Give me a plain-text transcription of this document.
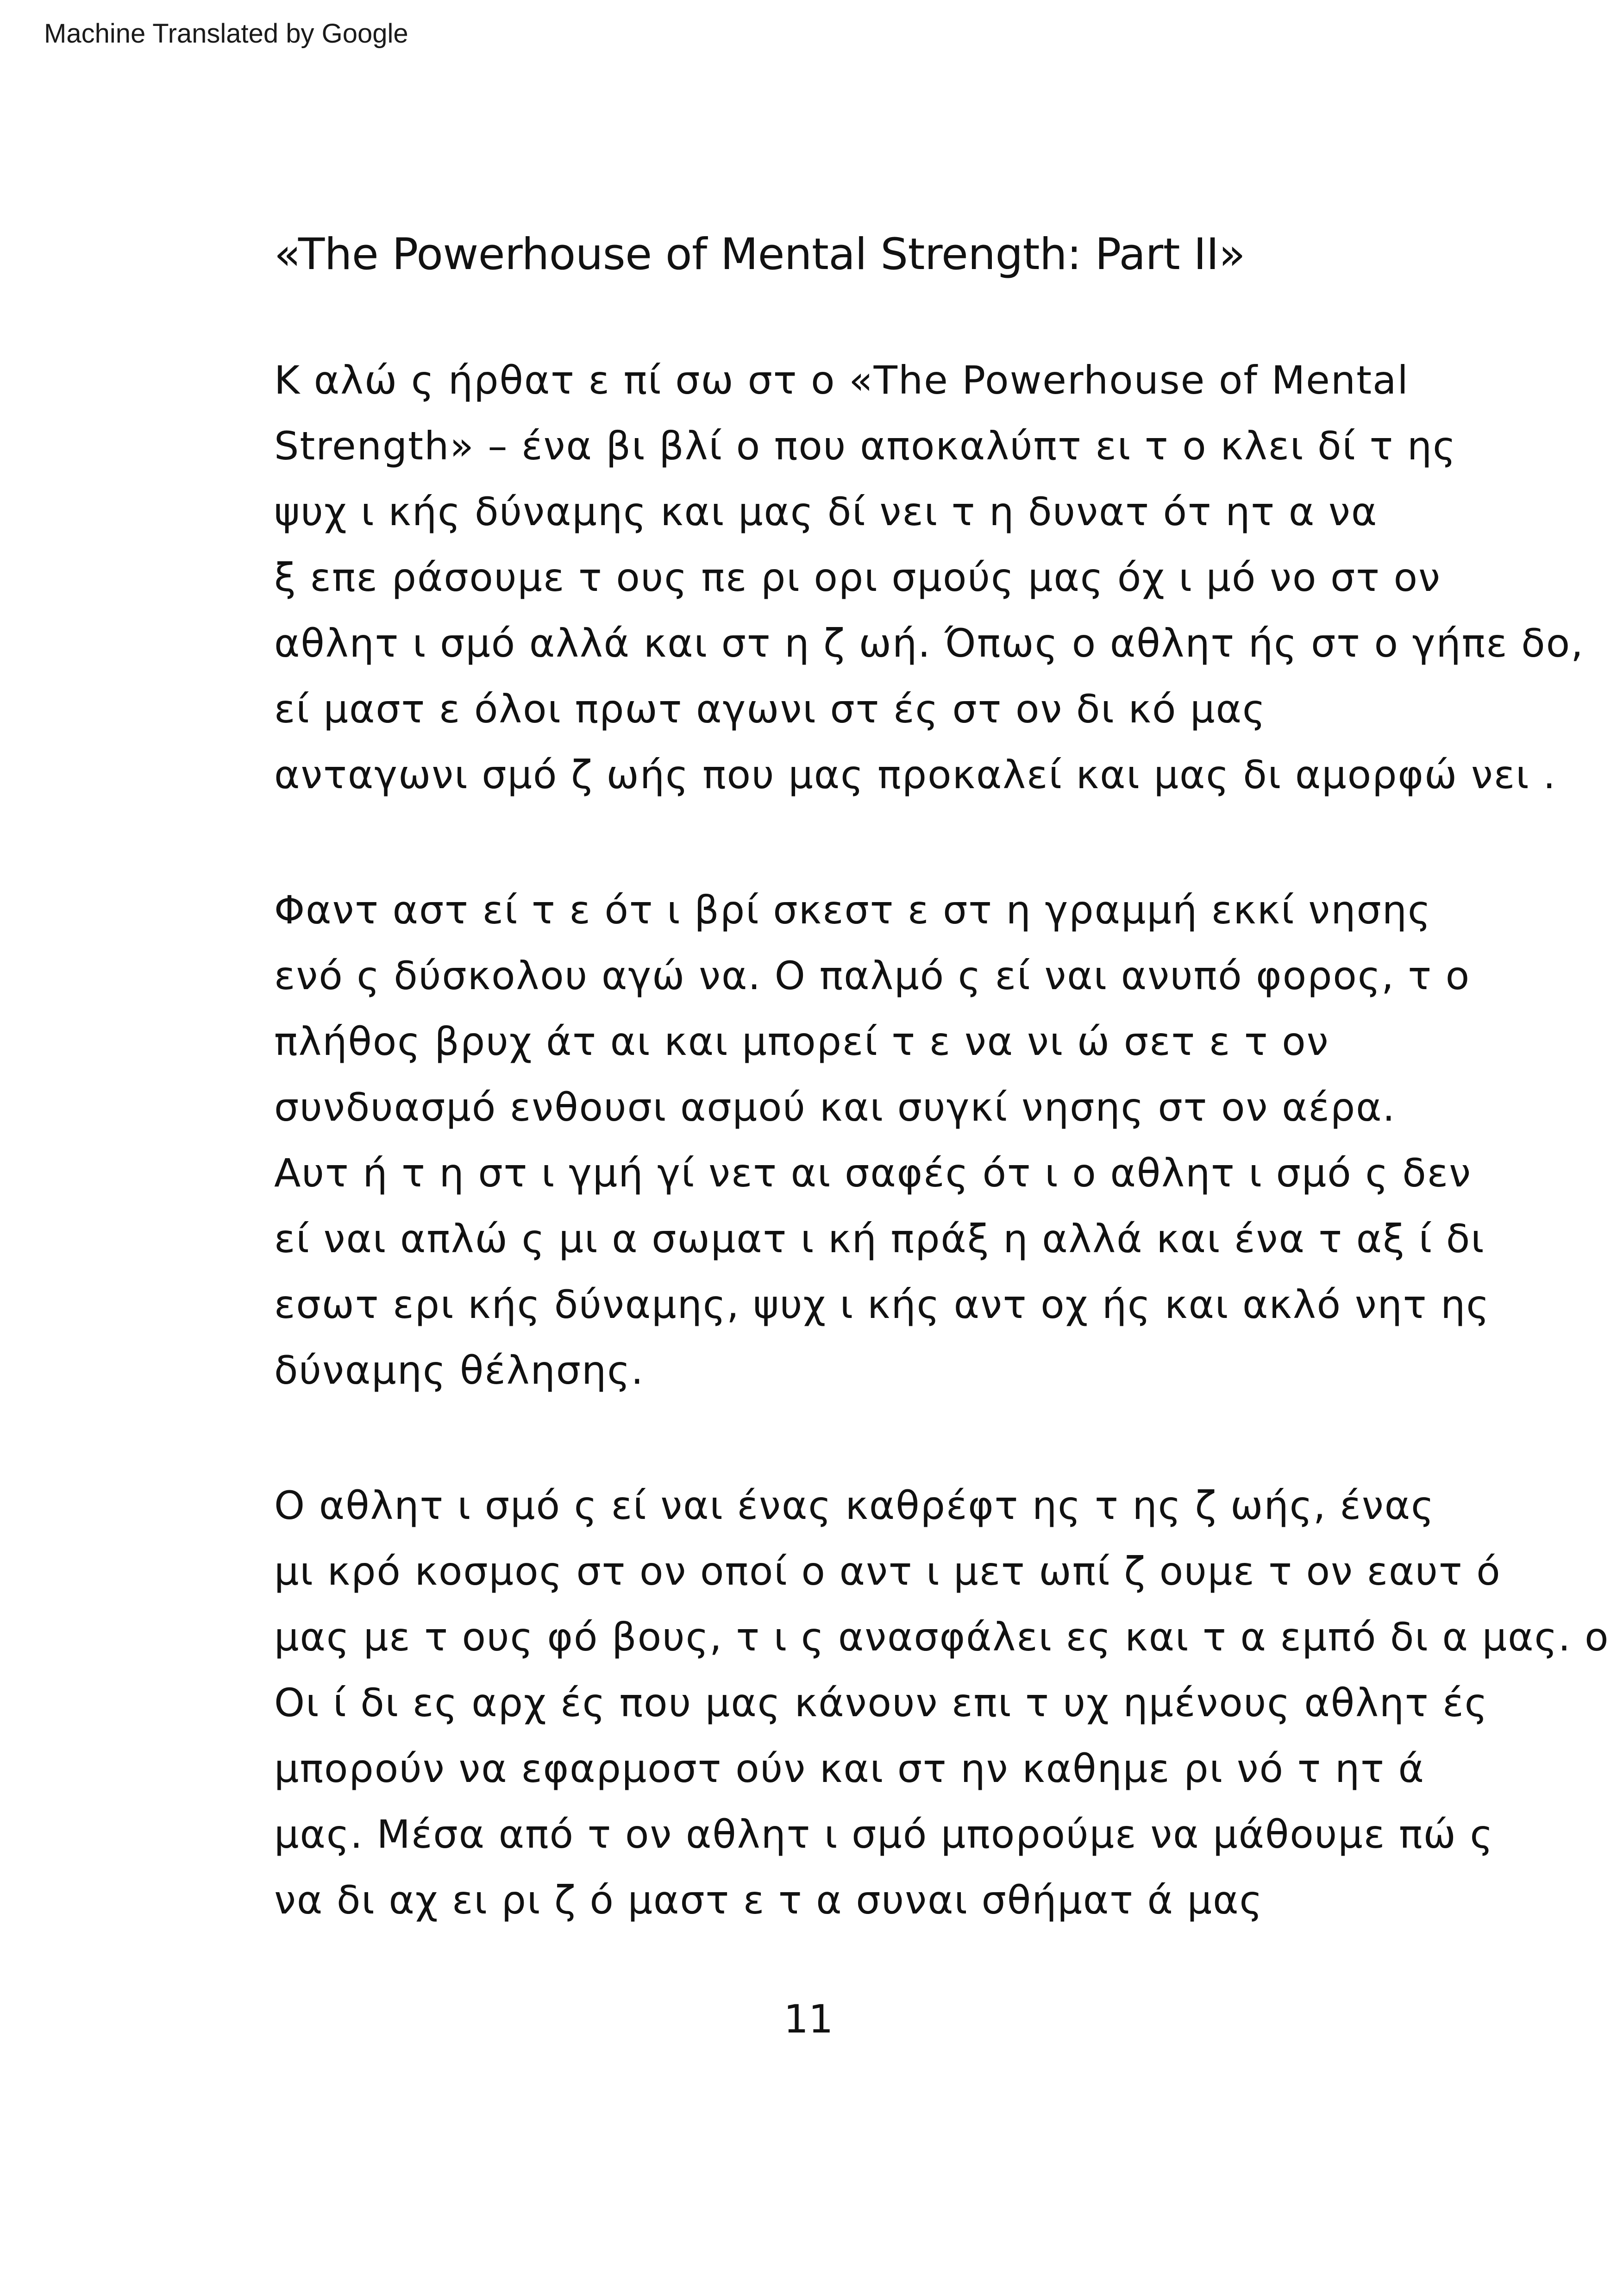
Machine Translated by Google
«The Powerhouse of Mental Strength: Part II»
Κ αλώ ς ήρθατ ε πί σω στ ο «The Powerhouse of Mental
Strength» – ένα βι βλί ο που αποκαλύπτ ει τ ο κλει δί τ ης
ψυχ ι κής δύναμης και μας δί νει τ η δυνατ ότ ητ α να
ξ επε ράσουμε τ ους πε ρι ορι σμούς μας όχ ι μό νο στ ον
αθλητ ι σμό αλλά και στ η ζ ωή. Όπως ο αθλητ ής στ ο γήπε δο,
εί μαστ ε όλοι πρωτ αγωνι στ ές στ ον δι κό μας
ανταγωνι σμό ζ ωής που μας προκαλεί και μας δι αμορφώ νει .
Φαντ αστ εί τ ε ότ ι βρί σκεστ ε στ η γραμμή εκκί νησης
ενό ς δύσκολου αγώ να. Ο παλμό ς εί ναι ανυπό φορος, τ ο
πλήθος βρυχ άτ αι και μπορεί τ ε να νι ώ σετ ε τ ον
συνδυασμό ενθουσι ασμού και συγκί νησης στ ον αέρα.
Αυτ ή τ η στ ι γμή γί νετ αι σαφές ότ ι ο αθλητ ι σμό ς δεν
εί ναι απλώ ς μι α σωματ ι κή πράξ η αλλά και ένα τ αξ ί δι
εσωτ ερι κής δύναμης, ψυχ ι κής αντ οχ ής και ακλό νητ ης
δύναμης θέλησης.
Ο αθλητ ι σμό ς εί ναι ένας καθρέφτ ης τ ης ζ ωής, ένας
μι κρό κοσμος στ ον οποί ο αντ ι μετ ωπί ζ ουμε τ ον εαυτ ό
μας με τ ους φό βους, τ ι ς ανασφάλει ες και τ α εμπό δι α μας. ο
Οι ί δι ες αρχ ές που μας κάνουν επι τ υχ ημένους αθλητ ές
μπορούν να εφαρμοστ ούν και στ ην καθημε ρι νό τ ητ ά
μας. Μέσα από τ ον αθλητ ι σμό μπορούμε να μάθουμε πώ ς
να δι αχ ει ρι ζ ό μαστ ε τ α συναι σθήματ ά μας
11
